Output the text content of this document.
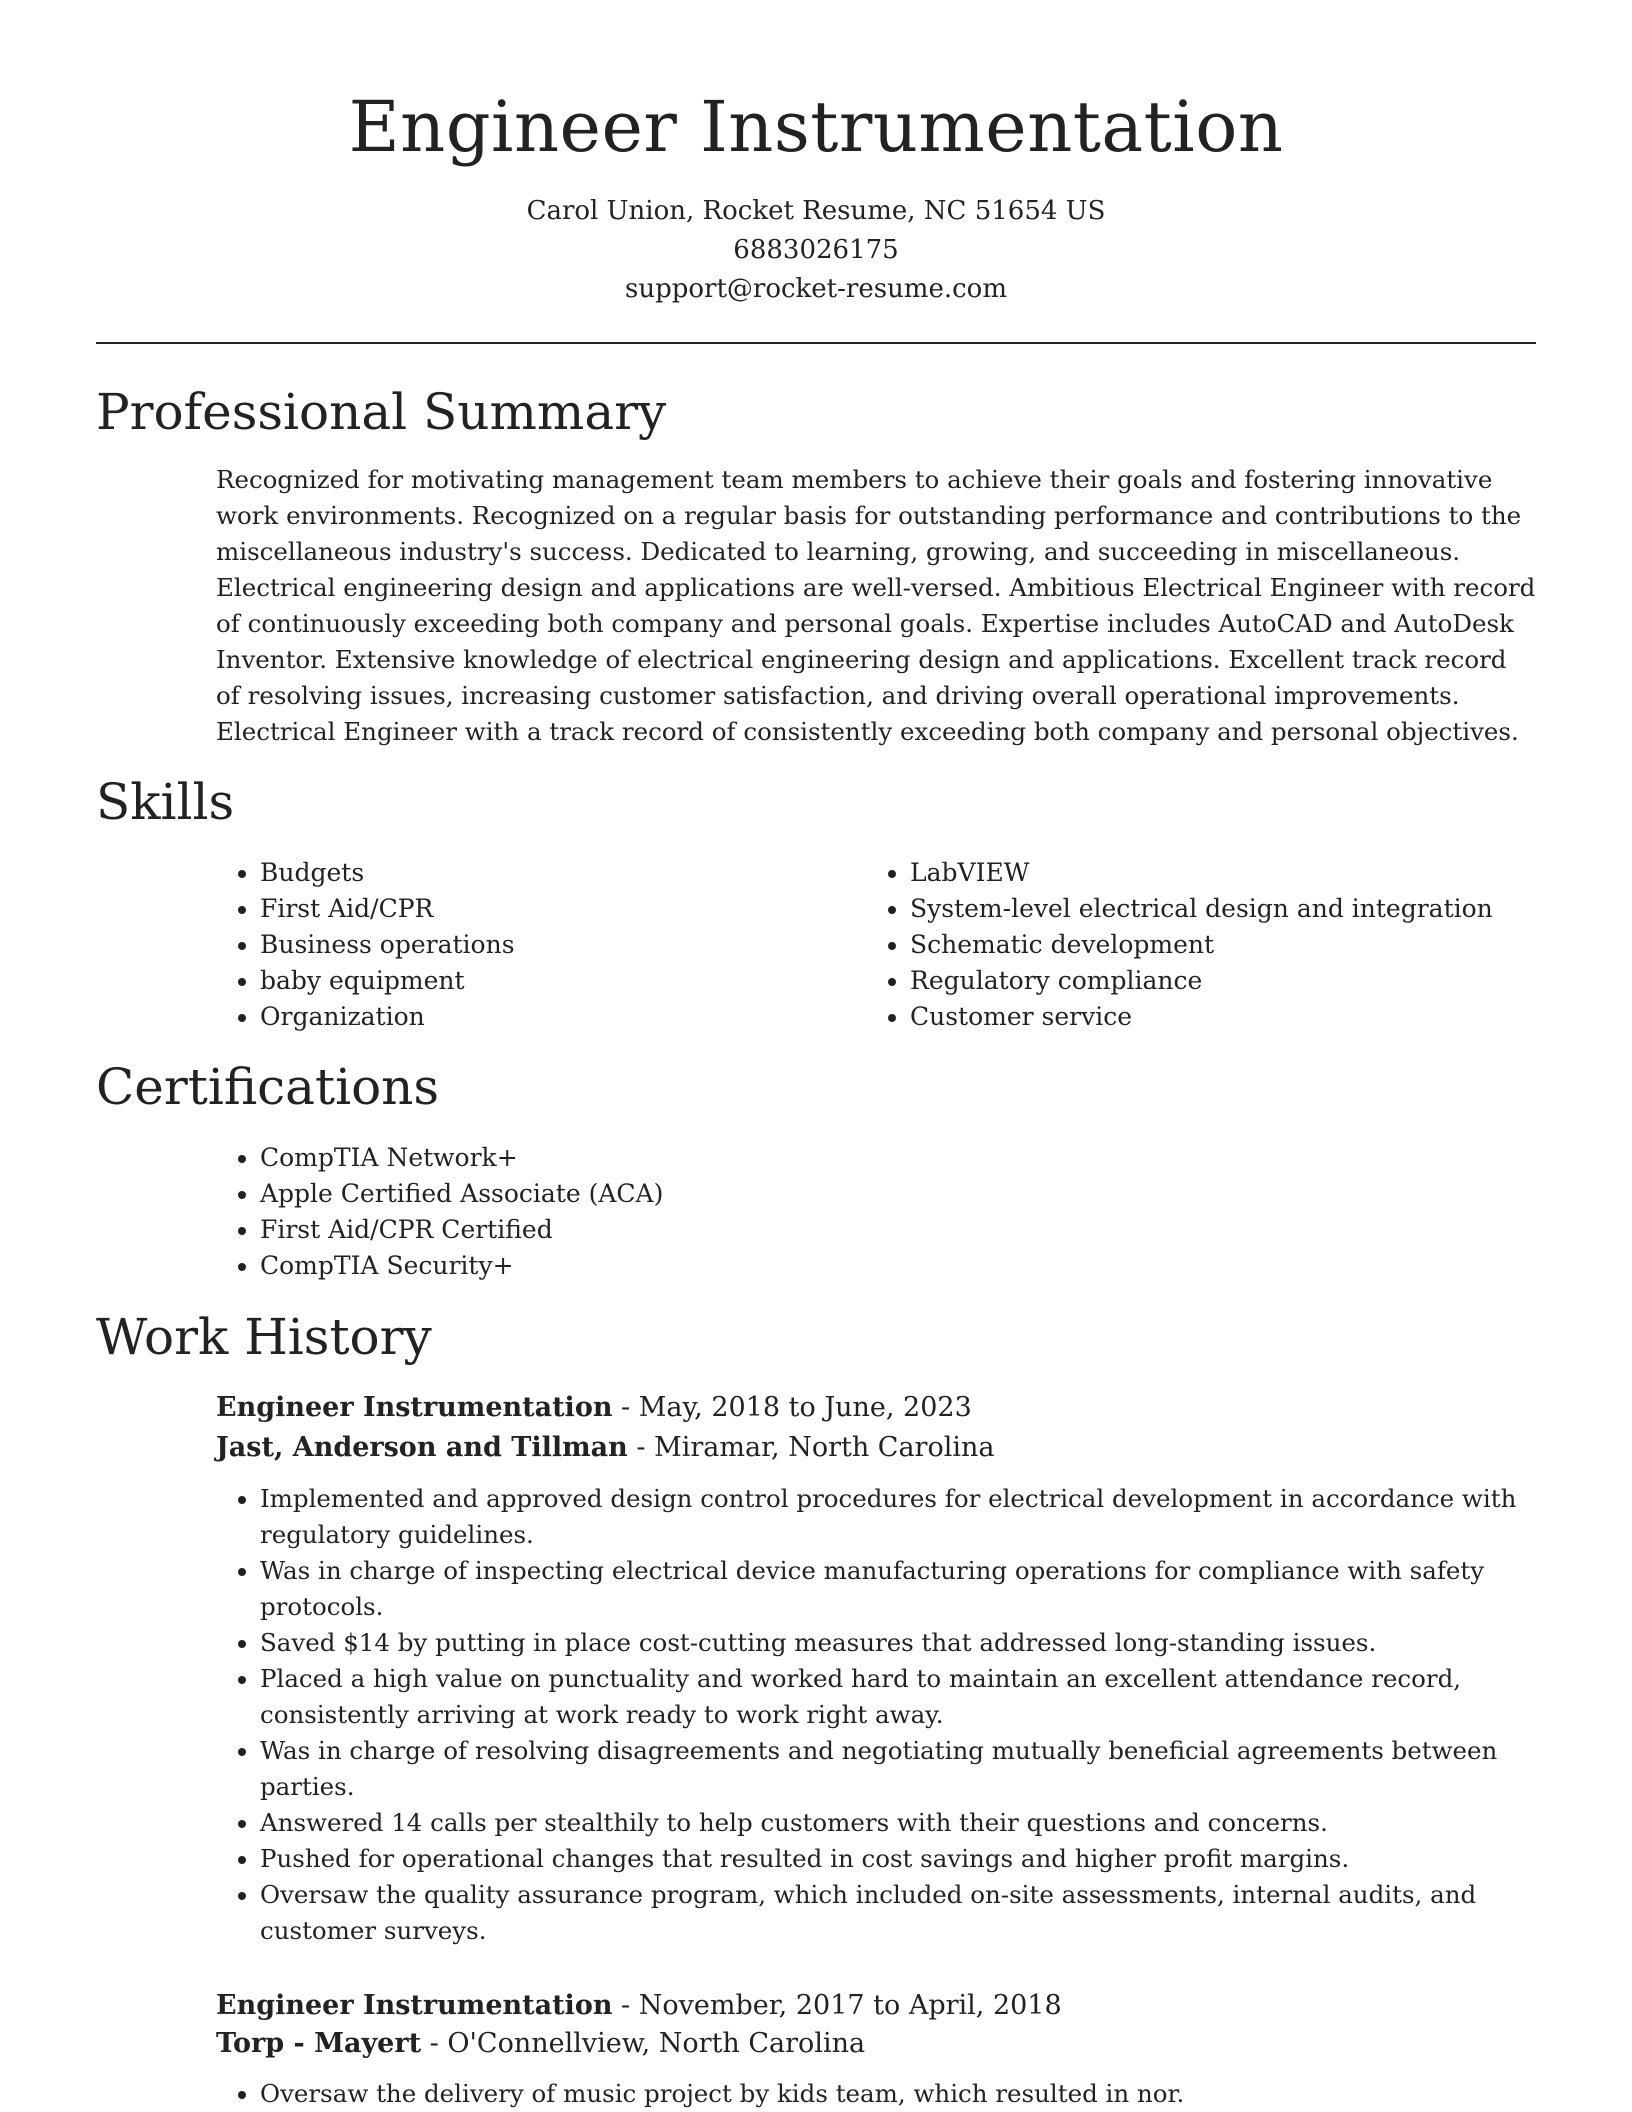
Engineer Instrumentation
Carol Union, Rocket Resume, NC 51654 US
6883026175
support@rocket-resume.com
Professional Summary

Recognized for motivating management team members to achieve their goals and fostering innovative work environments. Recognized on a regular basis for outstanding performance and contributions to the miscellaneous industry's success. Dedicated to learning, growing, and succeeding in miscellaneous. Electrical engineering design and applications are well-versed. Ambitious Electrical Engineer with record of continuously exceeding both company and personal goals. Expertise includes AutoCAD and AutoDesk Inventor. Extensive knowledge of electrical engineering design and applications. Excellent track record of resolving issues, increasing customer satisfaction, and driving overall operational improvements. Electrical Engineer with a track record of consistently exceeding both company and personal objectives.

Skills
• Budgets
• First Aid/CPR
• Business operations
• baby equipment
• Organization
• LabVIEW
• System-level electrical design and integration
• Schematic development
• Regulatory compliance
• Customer service
Certifications
• CompTIA Network+
• Apple Certified Associate (ACA)
• First Aid/CPR Certified
• CompTIA Security+
Work History
Engineer Instrumentation - May, 2018 to June, 2023
Jast, Anderson and Tillman - Miramar, North Carolina
• Implemented and approved design control procedures for electrical development in accordance with regulatory guidelines.
• Was in charge of inspecting electrical device manufacturing operations for compliance with safety protocols.
• Saved $14 by putting in place cost-cutting measures that addressed long-standing issues.
• Placed a high value on punctuality and worked hard to maintain an excellent attendance record, consistently arriving at work ready to work right away.
• Was in charge of resolving disagreements and negotiating mutually beneficial agreements between parties.
• Answered 14 calls per stealthily to help customers with their questions and concerns.
• Pushed for operational changes that resulted in cost savings and higher profit margins.
• Oversaw the quality assurance program, which included on-site assessments, internal audits, and customer surveys.
Engineer Instrumentation - November, 2017 to April, 2018
Torp - Mayert - O'Connellview, North Carolina
• Oversaw the delivery of music project by kids team, which resulted in nor.
